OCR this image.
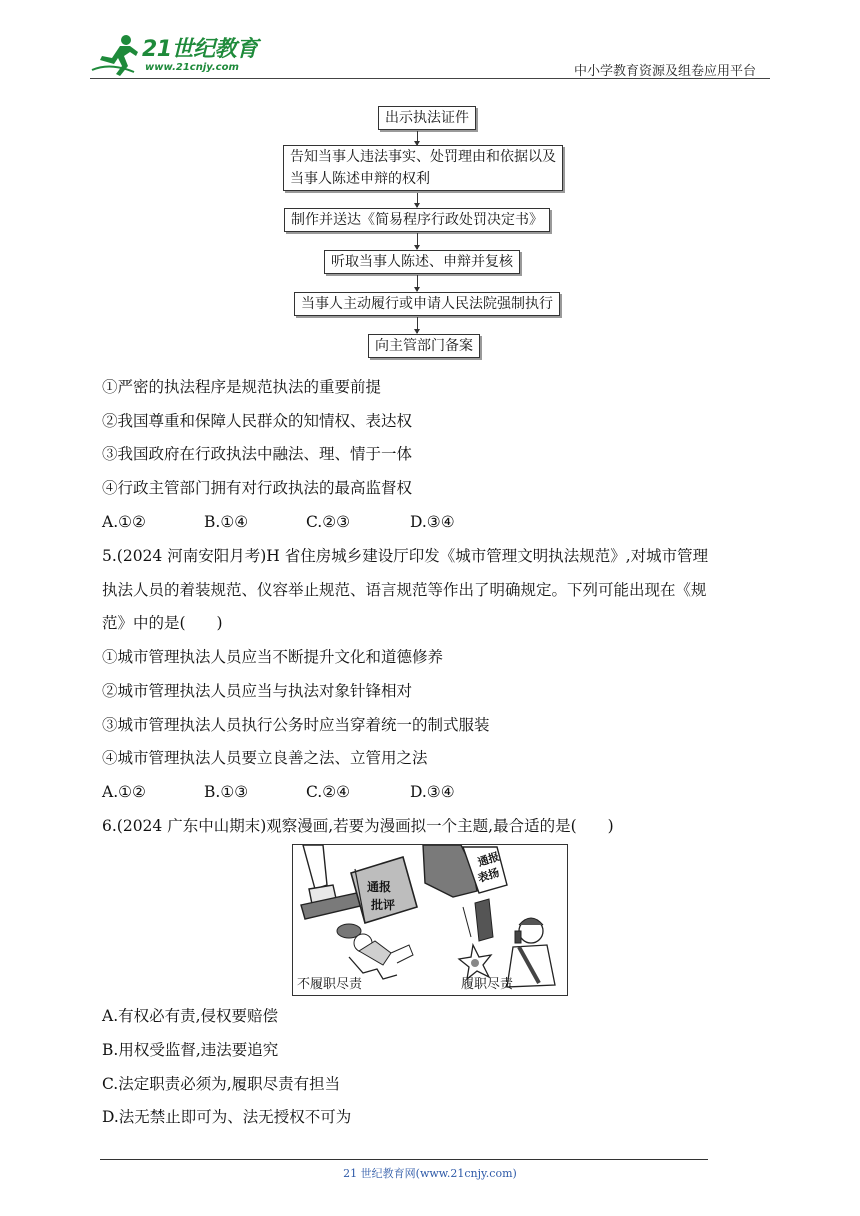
21世纪教育
www.21cnjy.com	中小学教育资源及组卷应用平台
出示执法证件
告知当事人违法事实、处罚理由和依据以及
当事人陈述申辩的权利
制作并送达《简易程序行政处罚决定书》
听取当事人陈述、申辩并复核
当事人主动履行或申请人民法院强制执行
向主管部门备案
①严密的执法程序是规范执法的重要前提
②我国尊重和保障人民群众的知情权、表达权
③我国政府在行政执法中融法、理、情于一体
④行政主管部门拥有对行政执法的最高监督权
A.①②	B.①④	C.②③	D.③④
5.(2024 河南安阳月考)H 省住房城乡建设厅印发《城市管理文明执法规范》,对城市管理
执法人员的着装规范、仪容举止规范、语言规范等作出了明确规定。下列可能出现在《规
范》中的是(　　)
①城市管理执法人员应当不断提升文化和道德修养
②城市管理执法人员应当与执法对象针锋相对
③城市管理执法人员执行公务时应当穿着统一的制式服装
④城市管理执法人员要立良善之法、立管用之法
A.①②	B.①③	C.②④	D.③④
6.(2024 广东中山期末)观察漫画,若要为漫画拟一个主题,最合适的是(　　)
通报
批评
通报
表扬
不履职尽责	履职尽责
A.有权必有责,侵权要赔偿
B.用权受监督,违法要追究
C.法定职责必须为,履职尽责有担当
D.法无禁止即可为、法无授权不可为
21 世纪教育网(www.21cnjy.com)
